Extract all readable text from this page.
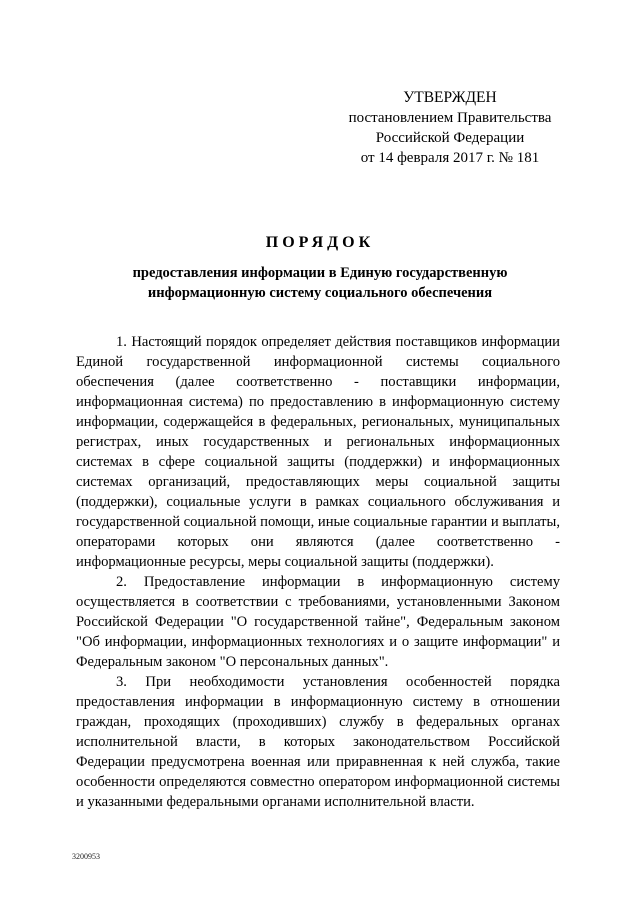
УТВЕРЖДЕН
постановлением Правительства
Российской Федерации
от 14 февраля 2017 г. № 181
ПОРЯДОК
предоставления информации в Единую государственную
информационную систему социального обеспечения

1. Настоящий порядок определяет действия поставщиков информации Единой государственной информационной системы социального обеспечения (далее соответственно - поставщики информации, информационная система) по предоставлению в информационную систему информации, содержащейся в федеральных, региональных, муниципальных регистрах, иных государственных и региональных информационных системах в сфере социальной защиты (поддержки) и информационных системах организаций, предоставляющих меры социальной защиты (поддержки), социальные услуги в рамках социального обслуживания и государственной социальной помощи, иные социальные гарантии и выплаты, операторами которых они являются (далее соответственно - информационные ресурсы, меры социальной защиты (поддержки).

2. Предоставление информации в информационную систему осуществляется в соответствии с требованиями, установленными Законом Российской Федерации "О государственной тайне", Федеральным законом "Об информации, информационных технологиях и о защите информации" и Федеральным законом "О персональных данных".

3. При необходимости установления особенностей порядка предоставления информации в информационную систему в отношении граждан, проходящих (проходивших) службу в федеральных органах исполнительной власти, в которых законодательством Российской Федерации предусмотрена военная или приравненная к ней служба, такие особенности определяются совместно оператором информационной системы и указанными федеральными органами исполнительной власти.

3200953
